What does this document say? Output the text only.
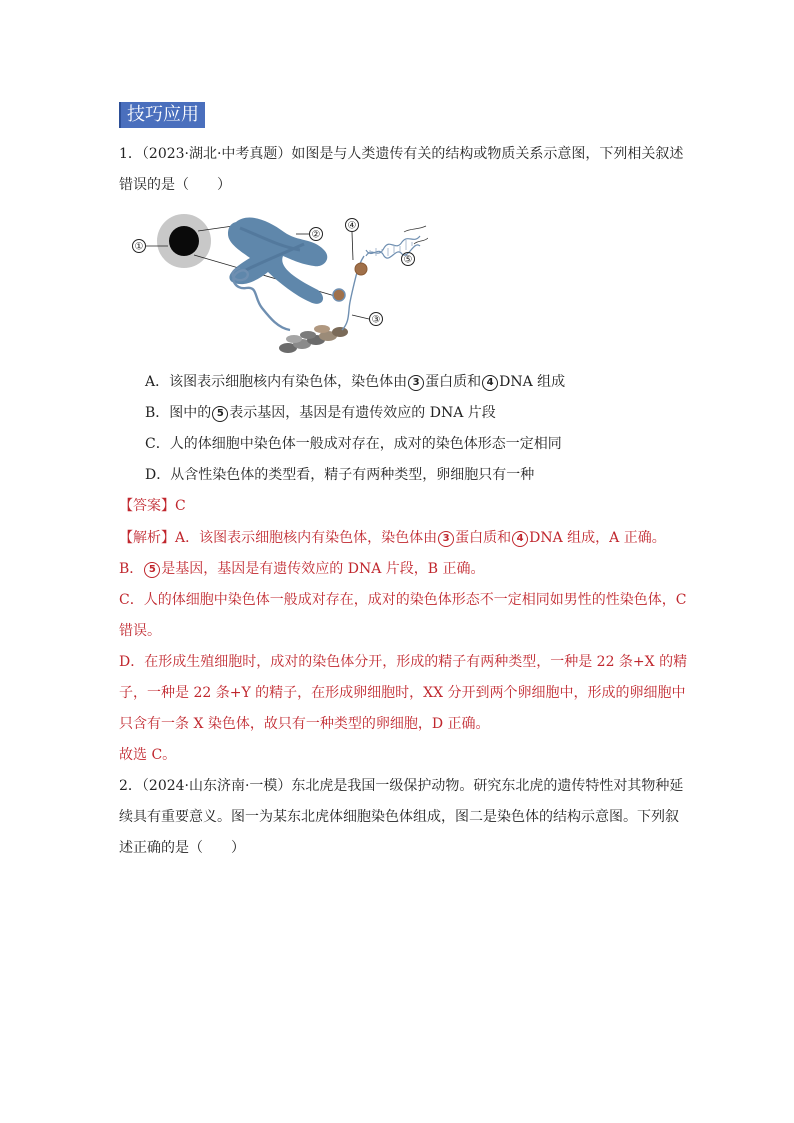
技巧应用
1．（2023·湖北·中考真题）如图是与人类遗传有关的结构或物质关系示意图，下列相关叙述
错误的是（　　）
①
②
③
④
⑤
A．该图表示细胞核内有染色体，染色体由 3 蛋白质和 4 DNA 组成
B．图中的 5 表示基因，基因是有遗传效应的 DNA 片段
C．人的体细胞中染色体一般成对存在，成对的染色体形态一定相同
D．从含性染色体的类型看，精子有两种类型，卵细胞只有一种
【答案】C
【解析】A．该图表示细胞核内有染色体，染色体由 3 蛋白质和 4 DNA 组成，A 正确。
B． 5 是基因，基因是有遗传效应的 DNA 片段，B 正确。
C．人的体细胞中染色体一般成对存在，成对的染色体形态不一定相同如男性的性染色体，C
错误。
D．在形成生殖细胞时，成对的染色体分开，形成的精子有两种类型，一种是 22 条+X 的精
子，一种是 22 条+Y 的精子，在形成卵细胞时，XX 分开到两个卵细胞中，形成的卵细胞中
只含有一条 X 染色体，故只有一种类型的卵细胞，D 正确。
故选 C。
2．（2024·山东济南·一模）东北虎是我国一级保护动物。研究东北虎的遗传特性对其物种延
续具有重要意义。图一为某东北虎体细胞染色体组成，图二是染色体的结构示意图。下列叙
述正确的是（　　）
